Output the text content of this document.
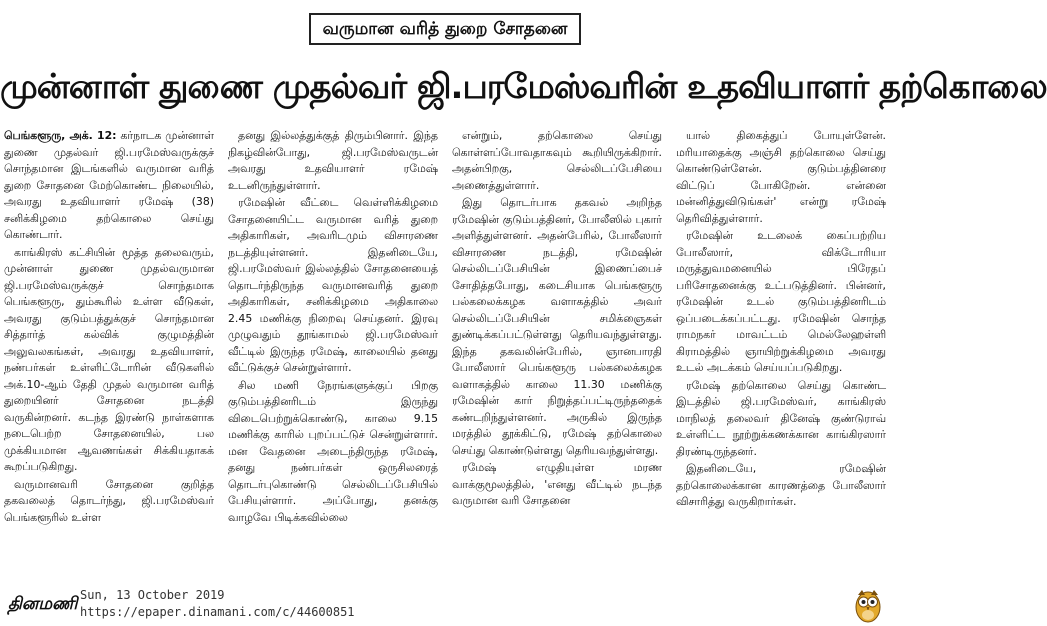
வருமான வரித் துறை சோதனை
முன்னாள் துணை முதல்வர் ஜி.பரமேஸ்வரின் உதவியாளர் தற்கொலை

பெங்களூரு, அக். 12: கர்நாடக முன்னாள் துணை முதல்வர் ஜி.பரமேஸ்வருக்குச் சொந்தமான இடங்களில் வருமான வரித் துறை சோதனை மேற்கொண்ட நிலையில், அவரது உதவியாளர் ரமேஷ் (38) சனிக்கிழமை தற்கொலை செய்து கொண்டார்.

காங்கிரஸ் கட்சியின் மூத்த தலைவரும், முன்னாள் துணை முதல்வருமான ஜி.பரமேஸ்வருக்குச் சொந்தமாக பெங்களூரு, தும்கூரில் உள்ள வீடுகள், அவரது குடும்பத்துக்குச் சொந்தமான சித்தார்த் கல்விக் குழுமத்தின் அலுவலகங்கள், அவரது உதவியாளர், நண்பர்கள் உள்ளிட்டோரின் வீடுகளில் அக்.10-ஆம் தேதி முதல் வருமான வரித் துறையினர் சோதனை நடத்தி வருகின்றனர். கடந்த இரண்டு நாள்களாக நடைபெற்ற சோதனையில், பல முக்கியமான ஆவணங்கள் சிக்கியதாகக் கூறப்படுகிறது.

வருமானவரி சோதனை குறித்த தகவலைத் தொடர்ந்து, ஜி.பரமேஸ்வர் பெங்களூரில் உள்ள

தனது இல்லத்துக்குத் திரும்பினார். இந்த நிகழ்வின்போது, ஜி.பரமேஸ்வருடன் அவரது உதவியாளர் ரமேஷ் உடனிருந்துள்ளார்.

ரமேஷின் வீட்டை வெள்ளிக்கிழமை சோதனையிட்ட வருமான வரித் துறை அதிகாரிகள், அவரிடமும் விசாரணை நடத்தியுள்ளனர். இதனிடையே, ஜி.பரமேஸ்வர் இல்லத்தில் சோதனையைத் தொடர்ந்திருந்த வருமானவரித் துறை அதிகாரிகள், சனிக்கிழமை அதிகாலை 2.45 மணிக்கு நிறைவு செய்தனர். இரவு முழுவதும் தூங்காமல் ஜி.பரமேஸ்வர் வீட்டில் இருந்த ரமேஷ், காலையில் தனது வீட்டுக்குச் சென்றுள்ளார்.

சில மணி நேரங்களுக்குப் பிறகு குடும்பத்தினரிடம் இருந்து விடைபெற்றுக்கொண்டு, காலை 9.15 மணிக்கு காரில் புறப்பட்டுச் சென்றுள்ளார். மன வேதனை அடைந்திருந்த ரமேஷ், தனது நண்பர்கள் ஒருசிலரைத் தொடர்புகொண்டு செல்லிடப்பேசியில் பேசியுள்ளார். அப்போது, தனக்கு வாழவே பிடிக்கவில்லை

என்றும், தற்கொலை செய்து கொள்ளப்போவதாகவும் கூறியிருக்கிறார். அதன்பிறகு, செல்லிடப்பேசியை அணைத்துள்ளார்.

இது தொடர்பாக தகவல் அறிந்த ரமேஷின் குடும்பத்தினர், போலீஸில் புகார் அளித்துள்ளனர். அதன்பேரில், போலீஸார் விசாரணை நடத்தி, ரமேஷின் செல்லிடப்பேசியின் இணைப்பைச் சோதித்தபோது, கடைசியாக பெங்களூரு பல்கலைக்கழக வளாகத்தில் அவர் செல்லிடப்பேசியின் சமிக்ஞைகள் துண்டிக்கப்பட்டுள்ளது தெரியவந்துள்ளது. இந்த தகவலின்பேரில், ஞானபாரதி போலீஸார் பெங்களூரு பல்கலைக்கழக வளாகத்தில் காலை 11.30 மணிக்கு ரமேஷின் கார் நிறுத்தப்பட்டிருந்ததைக் கண்டறிந்துள்ளனர். அருகில் இருந்த மரத்தில் தூக்கிட்டு, ரமேஷ் தற்கொலை செய்து கொண்டுள்ளது தெரியவந்துள்ளது.

ரமேஷ் எழுதியுள்ள மரண வாக்குமூலத்தில், 'எனது வீட்டில் நடந்த வருமான வரி சோதனை

யால் திகைத்துப் போயுள்ளேன். மரியாதைக்கு அஞ்சி தற்கொலை செய்து கொண்டுள்ளேன். குடும்பத்தினரை விட்டுப் போகிறேன். என்னை மன்னித்துவிடுங்கள்' என்று ரமேஷ் தெரிவித்துள்ளார்.

ரமேஷின் உடலைக் கைப்பற்றிய போலீஸார், விக்டோரியா மருத்துவமனையில் பிரேதப் பரிசோதனைக்கு உட்படுத்தினர். பின்னர், ரமேஷின் உடல் குடும்பத்தினரிடம் ஒப்படைக்கப்பட்டது. ரமேஷின் சொந்த ராமநகர் மாவட்டம் மெல்லேஹள்ளி கிராமத்தில் ஞாயிற்றுக்கிழமை அவரது உடல் அடக்கம் செய்யப்படுகிறது.

ரமேஷ் தற்கொலை செய்து கொண்ட இடத்தில் ஜி.பரமேஸ்வர், காங்கிரஸ் மாநிலத் தலைவர் தினேஷ் குண்டுராவ் உள்ளிட்ட நூற்றுக்கணக்கான காங்கிரஸார் திரண்டிருந்தனர்.

இதனிடையே, ரமேஷின் தற்கொலைக்கான காரணத்தை போலீஸார் விசாரித்து வருகிறார்கள்.

தினமணி Sun, 13 October 2019
https://epaper.dinamani.com/c/44600851
